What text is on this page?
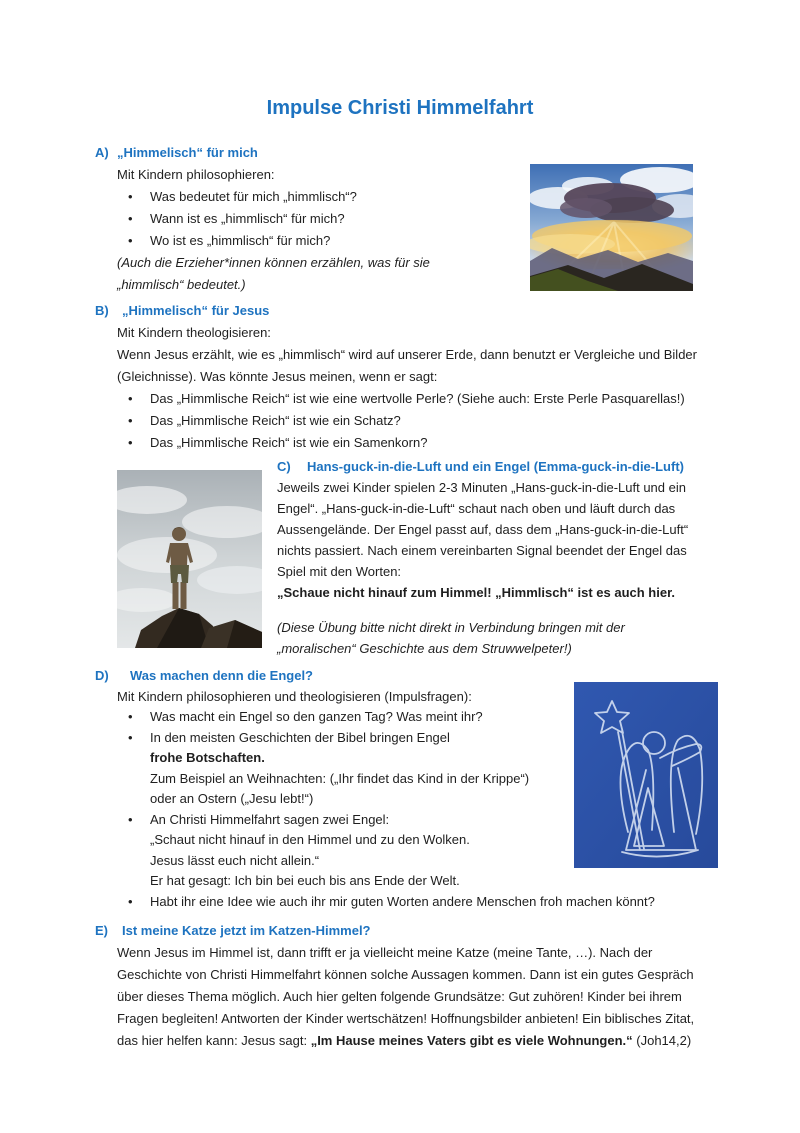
Impulse Christi Himmelfahrt
A) „Himmelisch“ für mich
Mit Kindern philosophieren:
• Was bedeutet für mich „himmlisch“?
• Wann ist es „himmlisch“ für mich?
• Wo ist es „himmlisch“ für mich?
(Auch die Erzieher*innen können erzählen, was für sie „himmlisch“ bedeutet.)
B) „Himmelisch“ für Jesus
Mit Kindern theologisieren:
Wenn Jesus erzählt, wie es „himmlisch“ wird auf unserer Erde, dann benutzt er Vergleiche und Bilder (Gleichnisse). Was könnte Jesus meinen, wenn er sagt:
• Das „Himmlische Reich“ ist wie eine wertvolle Perle? (Siehe auch: Erste Perle Pasquarellas!)
• Das „Himmlische Reich“ ist wie ein Schatz?
• Das „Himmlische Reich“ ist wie ein Samenkorn?
C) Hans-guck-in-die-Luft und ein Engel (Emma-guck-in-die-Luft)
Jeweils zwei Kinder spielen 2-3 Minuten „Hans-guck-in-die-Luft und ein Engel“. „Hans-guck-in-die-Luft“ schaut nach oben und läuft durch das Aussengelände. Der Engel passt auf, dass dem „Hans-guck-in-die-Luft“ nichts passiert. Nach einem vereinbarten Signal beendet der Engel das Spiel mit den Worten:
„Schaue nicht hinauf zum Himmel! „Himmlisch“ ist es auch hier.
(Diese Übung bitte nicht direkt in Verbindung bringen mit der „moralischen“ Geschichte aus dem Struwwelpeter!)
D) Was machen denn die Engel?
Mit Kindern philosophieren und theologisieren (Impulsfragen):
• Was macht ein Engel so den ganzen Tag? Was meint ihr?
• In den meisten Geschichten der Bibel bringen Engel
frohe Botschaften.
Zum Beispiel an Weihnachten: („Ihr findet das Kind in der Krippe“)
oder an Ostern („Jesu lebt!“)
• An Christi Himmelfahrt sagen zwei Engel:
„Schaut nicht hinauf in den Himmel und zu den Wolken.
Jesus lässt euch nicht allein.“
Er hat gesagt: Ich bin bei euch bis ans Ende der Welt.
• Habt ihr eine Idee wie auch ihr mir guten Worten andere Menschen froh machen könnt?
E) Ist meine Katze jetzt im Katzen-Himmel?
Wenn Jesus im Himmel ist, dann trifft er ja vielleicht meine Katze (meine Tante, …). Nach der Geschichte von Christi Himmelfahrt können solche Aussagen kommen. Dann ist ein gutes Gespräch über dieses Thema möglich. Auch hier gelten folgende Grundsätze: Gut zuhören! Kinder bei ihrem Fragen begleiten! Antworten der Kinder wertschätzen! Hoffnungsbilder anbieten! Ein biblisches Zitat, das hier helfen kann: Jesus sagt: „Im Hause meines Vaters gibt es viele Wohnungen.“ (Joh14,2)
